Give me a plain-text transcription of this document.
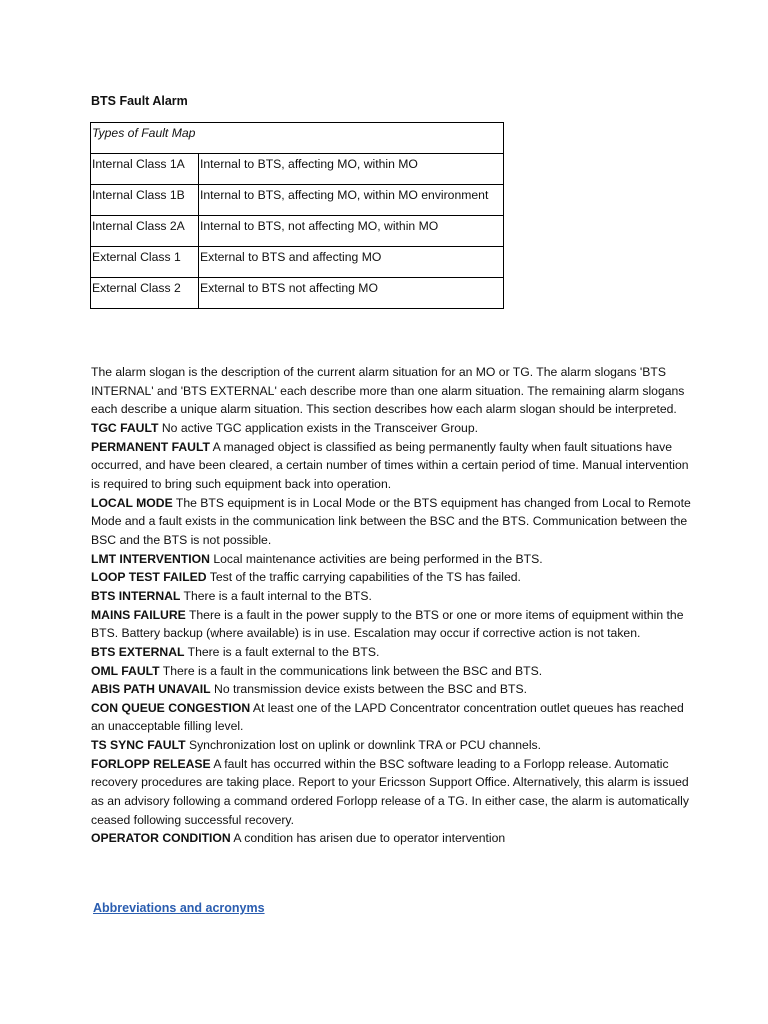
BTS Fault Alarm
Types of Fault Map	

Internal Class 1A	Internal to BTS, affecting MO, within MO

Internal Class 1B	Internal to BTS, affecting MO, within MO environment

Internal Class 2A	Internal to BTS, not affecting MO, within MO

External Class 1	External to BTS and affecting MO

External Class 2	External to BTS not affecting MO

The alarm slogan is the description of the current alarm situation for an MO or TG. The alarm slogans 'BTS INTERNAL' and 'BTS EXTERNAL' each describe more than one alarm situation. The remaining alarm slogans each describe a unique alarm situation. This section describes how each alarm slogan should be interpreted.

TGC FAULT No active TGC application exists in the Transceiver Group.

PERMANENT FAULT A managed object is classified as being permanently faulty when fault situations have occurred, and have been cleared, a certain number of times within a certain period of time. Manual intervention is required to bring such equipment back into operation.

LOCAL MODE The BTS equipment is in Local Mode or the BTS equipment has changed from Local to Remote Mode and a fault exists in the communication link between the BSC and the BTS. Communication between the BSC and the BTS is not possible.

LMT INTERVENTION Local maintenance activities are being performed in the BTS.

LOOP TEST FAILED Test of the traffic carrying capabilities of the TS has failed.

BTS INTERNAL There is a fault internal to the BTS.

MAINS FAILURE There is a fault in the power supply to the BTS or one or more items of equipment within the BTS. Battery backup (where available) is in use. Escalation may occur if corrective action is not taken.

BTS EXTERNAL There is a fault external to the BTS.

OML FAULT There is a fault in the communications link between the BSC and BTS.

ABIS PATH UNAVAIL No transmission device exists between the BSC and BTS.

CON QUEUE CONGESTION At least one of the LAPD Concentrator concentration outlet queues has reached an unacceptable filling level.

TS SYNC FAULT Synchronization lost on uplink or downlink TRA or PCU channels.

FORLOPP RELEASE A fault has occurred within the BSC software leading to a Forlopp release. Automatic recovery procedures are taking place. Report to your Ericsson Support Office. Alternatively, this alarm is issued as an advisory following a command ordered Forlopp release of a TG. In either case, the alarm is automatically ceased following successful recovery.

OPERATOR CONDITION A condition has arisen due to operator intervention

Abbreviations and acronyms
